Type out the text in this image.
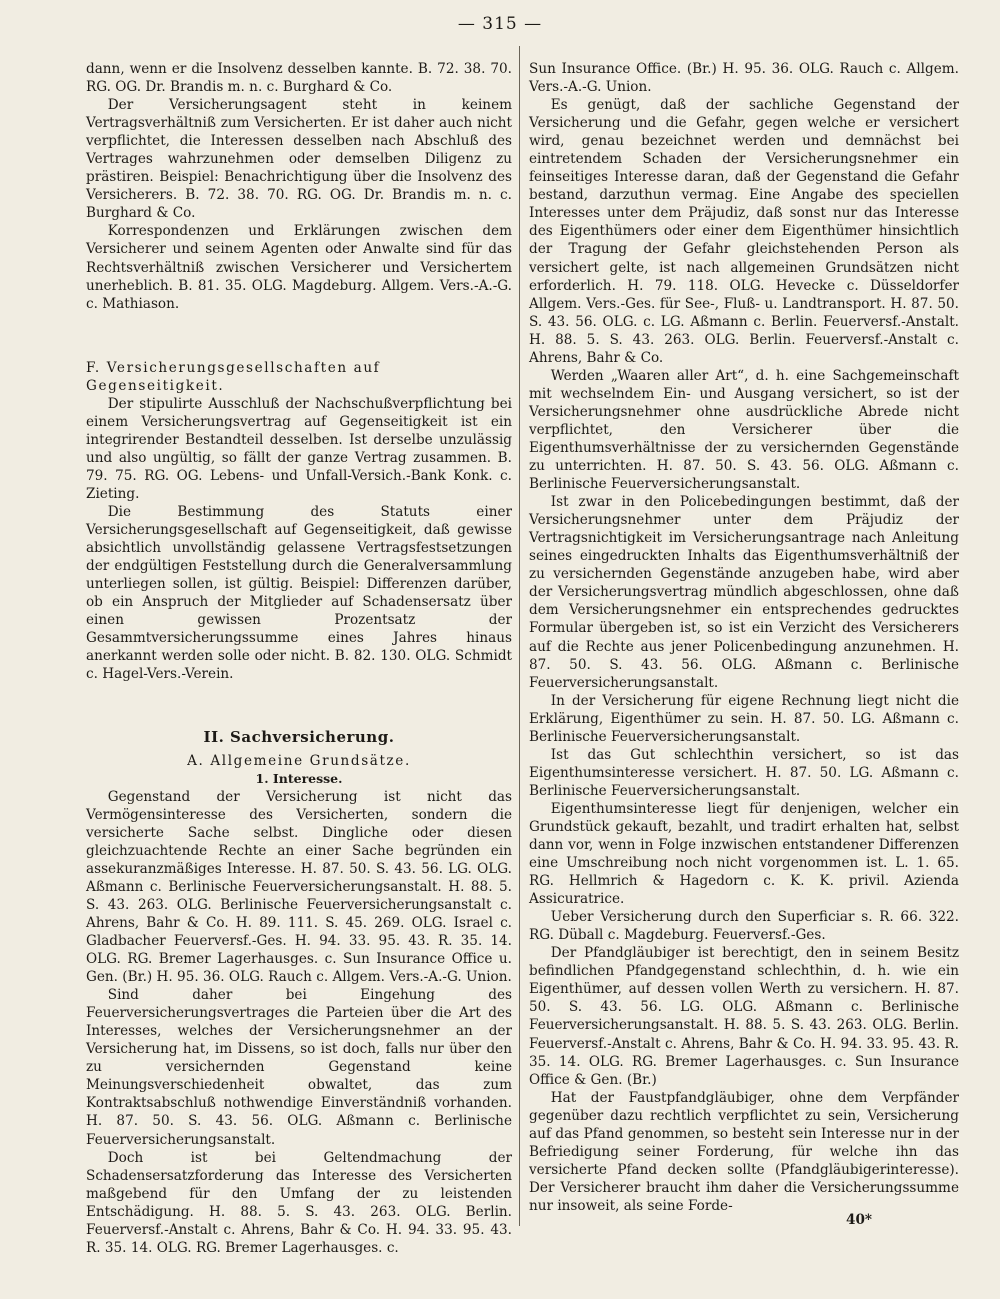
— 315 —

dann, wenn er die Insolvenz desselben kannte. B. 72. 38. 70. RG. OG. Dr. Brandis m. n. c. Burghard & Co.

Der Versicherungsagent steht in keinem Vertragsverhältniß zum Versicherten. Er ist daher auch nicht verpflichtet, die Interessen desselben nach Abschluß des Vertrages wahrzunehmen oder demselben Diligenz zu prästiren. Beispiel: Benachrichtigung über die Insolvenz des Versicherers. B. 72. 38. 70. RG. OG. Dr. Brandis m. n. c. Burghard & Co.

Korrespondenzen und Erklärungen zwischen dem Versicherer und seinem Agenten oder Anwalte sind für das Rechtsverhältniß zwischen Versicherer und Versichertem unerheblich. B. 81. 35. OLG. Magdeburg. Allgem. Vers.-A.-G. c. Mathiason.

F. Versicherungsgesellschaften auf Gegenseitigkeit.

Der stipulirte Ausschluß der Nachschußverpflichtung bei einem Versicherungsvertrag auf Gegenseitigkeit ist ein integrirender Bestandteil desselben. Ist derselbe unzulässig und also ungültig, so fällt der ganze Vertrag zusammen. B. 79. 75. RG. OG. Lebens- und Unfall-Versich.-Bank Konk. c. Zieting.

Die Bestimmung des Statuts einer Versicherungsgesellschaft auf Gegenseitigkeit, daß gewisse absichtlich unvollständig gelassene Vertragsfestsetzungen der endgültigen Feststellung durch die Generalversammlung unterliegen sollen, ist gültig. Beispiel: Differenzen darüber, ob ein Anspruch der Mitglieder auf Schadensersatz über einen gewissen Prozentsatz der Gesammtversicherungssumme eines Jahres hinaus anerkannt werden solle oder nicht. B. 82. 130. OLG. Schmidt c. Hagel-Vers.-Verein.

II. Sachversicherung.

A. Allgemeine Grundsätze.

1. Interesse.

Gegenstand der Versicherung ist nicht das Vermögensinteresse des Versicherten, sondern die versicherte Sache selbst. Dingliche oder diesen gleichzuachtende Rechte an einer Sache begründen ein assekuranzmäßiges Interesse. H. 87. 50. S. 43. 56. LG. OLG. Aßmann c. Berlinische Feuerversicherungsanstalt. H. 88. 5. S. 43. 263. OLG. Berlinische Feuerversicherungsanstalt c. Ahrens, Bahr & Co. H. 89. 111. S. 45. 269. OLG. Israel c. Gladbacher Feuerversf.-Ges. H. 94. 33. 95. 43. R. 35. 14. OLG. RG. Bremer Lagerhausges. c. Sun Insurance Office u. Gen. (Br.) H. 95. 36. OLG. Rauch c. Allgem. Vers.-A.-G. Union.

Sind daher bei Eingehung des Feuerversicherungsvertrages die Parteien über die Art des Interesses, welches der Versicherungsnehmer an der Versicherung hat, im Dissens, so ist doch, falls nur über den zu versichernden Gegenstand keine Meinungsverschiedenheit obwaltet, das zum Kontraktsabschluß nothwendige Einverständniß vorhanden. H. 87. 50. S. 43. 56. OLG. Aßmann c. Berlinische Feuerversicherungsanstalt.

Doch ist bei Geltendmachung der Schadensersatzforderung das Interesse des Versicherten maßgebend für den Umfang der zu leistenden Entschädigung. H. 88. 5. S. 43. 263. OLG. Berlin. Feuerversf.-Anstalt c. Ahrens, Bahr & Co. H. 94. 33. 95. 43. R. 35. 14. OLG. RG. Bremer Lagerhausges. c.

Sun Insurance Office. (Br.) H. 95. 36. OLG. Rauch c. Allgem. Vers.-A.-G. Union.

Es genügt, daß der sachliche Gegenstand der Versicherung und die Gefahr, gegen welche er versichert wird, genau bezeichnet werden und demnächst bei eintretendem Schaden der Versicherungsnehmer ein feinseitiges Interesse daran, daß der Gegenstand die Gefahr bestand, darzuthun vermag. Eine Angabe des speciellen Interesses unter dem Präjudiz, daß sonst nur das Interesse des Eigenthümers oder einer dem Eigenthümer hinsichtlich der Tragung der Gefahr gleichstehenden Person als versichert gelte, ist nach allgemeinen Grundsätzen nicht erforderlich. H. 79. 118. OLG. Hevecke c. Düsseldorfer Allgem. Vers.-Ges. für See-, Fluß- u. Landtransport. H. 87. 50. S. 43. 56. OLG. c. LG. Aßmann c. Berlin. Feuerversf.-Anstalt. H. 88. 5. S. 43. 263. OLG. Berlin. Feuerversf.-Anstalt c. Ahrens, Bahr & Co.

Werden „Waaren aller Art“, d. h. eine Sachgemeinschaft mit wechselndem Ein- und Ausgang versichert, so ist der Versicherungsnehmer ohne ausdrückliche Abrede nicht verpflichtet, den Versicherer über die Eigenthumsverhältnisse der zu versichernden Gegenstände zu unterrichten. H. 87. 50. S. 43. 56. OLG. Aßmann c. Berlinische Feuerversicherungsanstalt.

Ist zwar in den Policebedingungen bestimmt, daß der Versicherungsnehmer unter dem Präjudiz der Vertragsnichtigkeit im Versicherungsantrage nach Anleitung seines eingedruckten Inhalts das Eigenthumsverhältniß der zu versichernden Gegenstände anzugeben habe, wird aber der Versicherungsvertrag mündlich abgeschlossen, ohne daß dem Versicherungsnehmer ein entsprechendes gedrucktes Formular übergeben ist, so ist ein Verzicht des Versicherers auf die Rechte aus jener Policenbedingung anzunehmen. H. 87. 50. S. 43. 56. OLG. Aßmann c. Berlinische Feuerversicherungsanstalt.

In der Versicherung für eigene Rechnung liegt nicht die Erklärung, Eigenthümer zu sein. H. 87. 50. LG. Aßmann c. Berlinische Feuerversicherungsanstalt.

Ist das Gut schlechthin versichert, so ist das Eigenthumsinteresse versichert. H. 87. 50. LG. Aßmann c. Berlinische Feuerversicherungsanstalt.

Eigenthumsinteresse liegt für denjenigen, welcher ein Grundstück gekauft, bezahlt, und tradirt erhalten hat, selbst dann vor, wenn in Folge inzwischen entstandener Differenzen eine Umschreibung noch nicht vorgenommen ist. L. 1. 65. RG. Hellmrich & Hagedorn c. K. K. privil. Azienda Assicuratrice.

Ueber Versicherung durch den Superficiar s. R. 66. 322. RG. Düball c. Magdeburg. Feuerversf.-Ges.

Der Pfandgläubiger ist berechtigt, den in seinem Besitz befindlichen Pfandgegenstand schlechthin, d. h. wie ein Eigenthümer, auf dessen vollen Werth zu versichern. H. 87. 50. S. 43. 56. LG. OLG. Aßmann c. Berlinische Feuerversicherungsanstalt. H. 88. 5. S. 43. 263. OLG. Berlin. Feuerversf.-Anstalt c. Ahrens, Bahr & Co. H. 94. 33. 95. 43. R. 35. 14. OLG. RG. Bremer Lagerhausges. c. Sun Insurance Office & Gen. (Br.)

Hat der Faustpfandgläubiger, ohne dem Verpfänder gegenüber dazu rechtlich verpflichtet zu sein, Versicherung auf das Pfand genommen, so besteht sein Interesse nur in der Befriedigung seiner Forderung, für welche ihn das versicherte Pfand decken sollte (Pfandgläubigerinteresse). Der Versicherer braucht ihm daher die Versicherungssumme nur insoweit, als seine Forde-

40*
